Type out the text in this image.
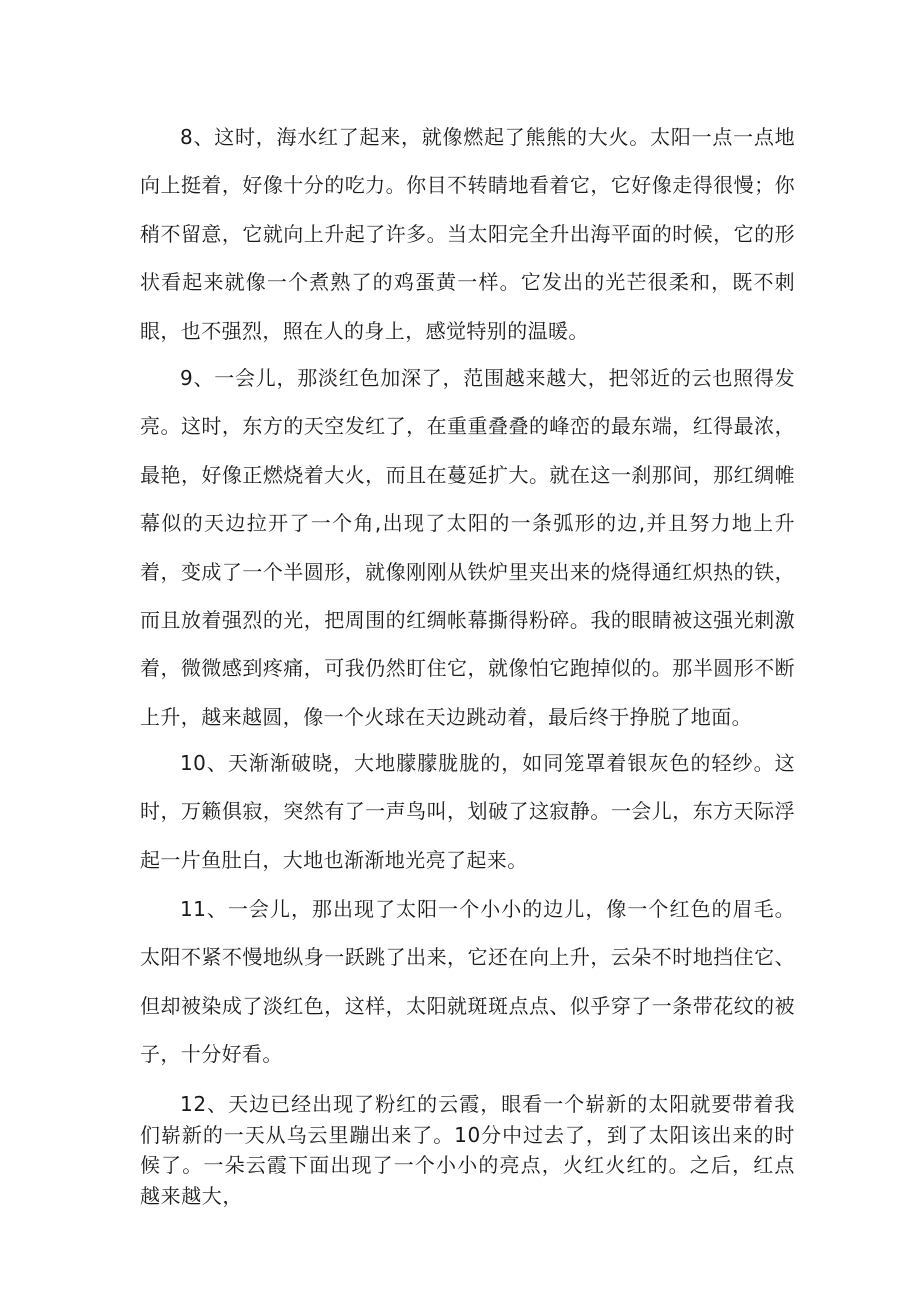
8、这时，海水红了起来，就像燃起了熊熊的大火。太阳一点一点地向上挺着，好像十分的吃力。你目不转睛地看着它，它好像走得很慢；你稍不留意，它就向上升起了许多。当太阳完全升出海平面的时候，它的形状看起来就像一个煮熟了的鸡蛋黄一样。它发出的光芒很柔和，既不刺眼，也不强烈，照在人的身上，感觉特别的温暖。

9、一会儿，那淡红色加深了，范围越来越大，把邻近的云也照得发亮。这时，东方的天空发红了，在重重叠叠的峰峦的最东端，红得最浓，最艳，好像正燃烧着大火，而且在蔓延扩大。就在这一刹那间，那红绸帷幕似的天边拉开了一个角,出现了太阳的一条弧形的边,并且努力地上升着，变成了一个半圆形，就像刚刚从铁炉里夹出来的烧得通红炽热的铁，而且放着强烈的光，把周围的红绸帐幕撕得粉碎。我的眼睛被这强光刺激着，微微感到疼痛，可我仍然盯住它，就像怕它跑掉似的。那半圆形不断上升，越来越圆，像一个火球在天边跳动着，最后终于挣脱了地面。

10、天渐渐破晓，大地朦朦胧胧的，如同笼罩着银灰色的轻纱。这时，万籁俱寂，突然有了一声鸟叫，划破了这寂静。一会儿，东方天际浮起一片鱼肚白，大地也渐渐地光亮了起来。

11、一会儿，那出现了太阳一个小小的边儿，像一个红色的眉毛。太阳不紧不慢地纵身一跃跳了出来，它还在向上升，云朵不时地挡住它、但却被染成了淡红色，这样，太阳就斑斑点点、似乎穿了一条带花纹的被子，十分好看。

12、天边已经出现了粉红的云霞，眼看一个崭新的太阳就要带着我们崭新的一天从乌云里蹦出来了。10分中过去了，到了太阳该出来的时候了。一朵云霞下面出现了一个小小的亮点，火红火红的。之后，红点越来越大，
